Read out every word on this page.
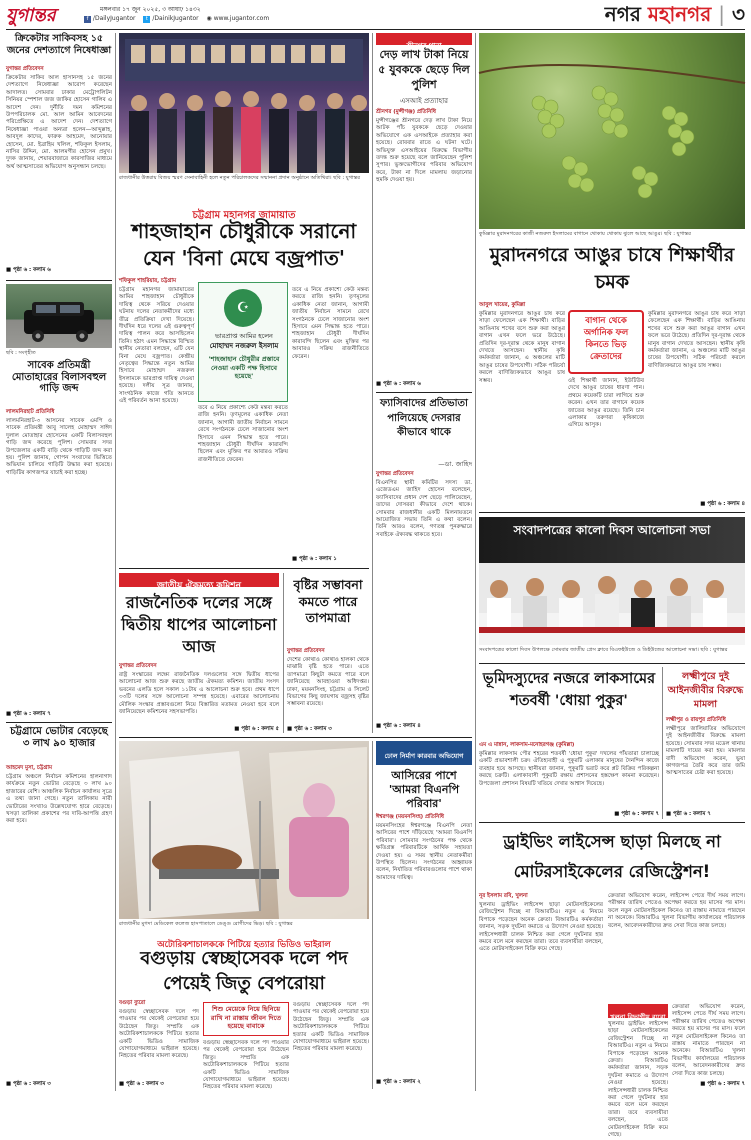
যুগান্তর	মঙ্গলবার ১৭ জুন ২০২৫, ৩ আষাঢ় ১৪৩২
f /DailyJugantor t /DainikJugantor ◉ www.jugantor.com	নগর মহানগর | ৩
ক্রিকেটার সাকিবসহ ১৫ জনের দেশত্যাগে নিষেধাজ্ঞা
যুগান্তর প্রতিবেদন
ক্রিকেটার সাকিব আল হাসানসহ ১৫ জনের দেশত্যাগে নিষেধাজ্ঞা আরোপ করেছেন আদালত। সোমবার ঢাকার মেট্রোপলিটন সিনিয়র স্পেশাল জজ জাকির হোসেন গালিব এ আদেশ দেন। দুর্নীতি দমন কমিশনের উপপরিচালক মো. আল আমিন আবেদনের পরিপ্রেক্ষিতে এ আদেশ দেন। দেশত্যাগে নিষেধাজ্ঞা পাওয়া অন্যরা হলেন—আব্দুল্লাহ, আবদুল কাদের, ফারুক আহমেদ, আনোয়ার হোসেন, মো. ইব্রাহিম খলিল, শফিকুল ইসলাম, নাসির উদ্দিন, মো. আলমগীর হোসেন প্রমুখ। দুদক জানায়, শেয়ারবাজারে কারসাজির মাধ্যমে অর্থ আত্মসাতের অভিযোগ অনুসন্ধান চলছে।
■ পৃষ্ঠা ৬ : কলাম ৬
ছবি : সংগৃহীত
সাবেক প্রতিমন্ত্রী মোতাহারের বিলাসবহুল গাড়ি জব্দ
লালমনিরহাট প্রতিনিধি
লালমনিরহাট-৩ আসনের সাবেক এমপি ও সাবেক প্রতিমন্ত্রী আবু সালেহ মোহাম্মদ সাঈদ দুলাল মোতাহার হোসেনের একটি বিলাসবহুল গাড়ি জব্দ করেছে পুলিশ। সোমবার সদর উপজেলার একটি বাড়ি থেকে গাড়িটি জব্দ করা হয়। পুলিশ জানায়, গোপন সংবাদের ভিত্তিতে অভিযান চালিয়ে গাড়িটি উদ্ধার করা হয়েছে। গাড়িটির কাগজপত্র যাচাই করা হচ্ছে।
■ পৃষ্ঠা ৬ : কলাম ৭
চট্টগ্রামে ভোটার বেড়েছে ৩ লাখ ৯০ হাজার
আহমেদ মুসা, চট্টগ্রাম
চট্টগ্রাম অঞ্চলে নির্বাচন কমিশনের হালনাগাদ কার্যক্রমে নতুন ভোটার বেড়েছে ৩ লাখ ৯০ হাজারের বেশি। আঞ্চলিক নির্বাচন কার্যালয় সূত্রে এ তথ্য জানা গেছে। নতুন তালিকায় নারী ভোটারের সংখ্যাও উল্লেখযোগ্য হারে বেড়েছে। খসড়া তালিকা প্রকাশের পর দাবি-আপত্তি গ্রহণ করা হবে।
■ পৃষ্ঠা ৬ : কলাম ৩
রাজধানীর উত্তরায় বিজয় স্মরণ সেনাবাহিনী হলে নতুন পরিচালকদের সম্মাননা প্রদান অনুষ্ঠানে অতিথিরা। ছবি : যুগান্তর
চট্টগ্রাম মহানগর জামায়াত
শাহজাহান চৌধুরীকে সরানো যেন 'বিনা মেঘে বজ্রপাত'
শফিকুল শাহরিয়ার, চট্টগ্রাম
চট্টগ্রাম মহানগর জামায়াতের আমির শাহজাহান চৌধুরীকে দায়িত্ব থেকে সরিয়ে দেওয়ার ঘটনায় দলের নেতাকর্মীদের মধ্যে তীব্র প্রতিক্রিয়া দেখা দিয়েছে। দীর্ঘদিন ধরে দলের এই গুরুত্বপূর্ণ দায়িত্ব পালন করে আসছিলেন তিনি। হঠাৎ এমন সিদ্ধান্তে বিস্মিত স্থানীয় নেতারা বলছেন, এটি যেন বিনা মেঘে বজ্রপাত। কেন্দ্রীয় নেতৃত্বের সিদ্ধান্তে নতুন আমির হিসাবে মোহাম্মদ নজরুল ইসলামকে ভারপ্রাপ্ত দায়িত্ব দেওয়া হয়েছে। দলীয় সূত্র জানায়, সাংগঠনিক কাজে গতি আনতে এই পরিবর্তন আনা হয়েছে।
☪
ভারপ্রাপ্ত আমির হলেন
মোহাম্মদ নজরুল ইসলাম
'শাহজাহান চৌধুরীর প্রস্তাবে নেওয়া একটি পক্ষ হিসাবে হয়েছে'
তবে এ নিয়ে প্রকাশ্যে কেউ মন্তব্য করতে রাজি হননি। তৃণমূলের একাধিক নেতা জানান, আগামী জাতীয় নির্বাচন সামনে রেখে সংগঠনকে ঢেলে সাজানোর অংশ হিসাবে এমন সিদ্ধান্ত হতে পারে। শাহজাহান চৌধুরী দীর্ঘদিন কারাবন্দি ছিলেন এবং মুক্তির পর আবারও সক্রিয় রাজনীতিতে ফেরেন।
তবে এ নিয়ে প্রকাশ্যে কেউ মন্তব্য করতে রাজি হননি। তৃণমূলের একাধিক নেতা জানান, আগামী জাতীয় নির্বাচন সামনে রেখে সংগঠনকে ঢেলে সাজানোর অংশ হিসাবে এমন সিদ্ধান্ত হতে পারে। শাহজাহান চৌধুরী দীর্ঘদিন কারাবন্দি ছিলেন এবং মুক্তির পর আবারও সক্রিয় রাজনীতিতে ফেরেন।
■ পৃষ্ঠা ৬ : কলাম ১
জাতীয় ঐকমত্য কমিশন
রাজনৈতিক দলের সঙ্গে দ্বিতীয় ধাপের আলোচনা আজ
যুগান্তর প্রতিবেদন
রাষ্ট্র সংস্কারের লক্ষ্যে রাজনৈতিক দলগুলোর সঙ্গে দ্বিতীয় ধাপের আলোচনা আজ শুরু করছে জাতীয় ঐকমত্য কমিশন। জাতীয় সংসদ ভবনের এলডি হলে সকাল ১১টায় এ আলোচনা শুরু হবে। প্রথম ধাপে ৩৩টি দলের সঙ্গে আলোচনা সম্পন্ন হয়েছে। এবারের আলোচনায় মৌলিক সংস্কার প্রস্তাবগুলো নিয়ে বিস্তারিত মতামত নেওয়া হবে বলে জানিয়েছেন কমিশনের সহসভাপতি।
■ পৃষ্ঠা ৬ : কলাম ৫
বৃষ্টির সম্ভাবনা কমতে পারে তাপমাত্রা
যুগান্তর প্রতিবেদন
দেশের কোথাও কোথাও হালকা থেকে মাঝারি বৃষ্টি হতে পারে। এতে তাপমাত্রা কিছুটা কমতে পারে বলে জানিয়েছে আবহাওয়া অধিদপ্তর। ঢাকা, ময়মনসিংহ, চট্টগ্রাম ও সিলেট বিভাগের কিছু জায়গায় বজ্রসহ বৃষ্টির সম্ভাবনা রয়েছে।
■ পৃষ্ঠা ৬ : কলাম ৩
শ্রীনগর থানা
দেড় লাখ টাকা নিয়ে ৫ যুবককে ছেড়ে দিল পুলিশ
এসআই প্রত্যাহার
শ্রীনগর (মুন্সীগঞ্জ) প্রতিনিধি
মুন্সীগঞ্জের শ্রীনগরে দেড় লাখ টাকা নিয়ে আটক পাঁচ যুবককে ছেড়ে দেওয়ার অভিযোগে এক এসআইকে প্রত্যাহার করা হয়েছে। রোববার রাতে এ ঘটনা ঘটে। অভিযুক্ত এসআইয়ের বিরুদ্ধে বিভাগীয় তদন্ত শুরু হয়েছে বলে জানিয়েছেন পুলিশ সুপার। ভুক্তভোগীদের পরিবার অভিযোগ করে, টাকা না দিলে মামলায় জড়ানোর হুমকি দেওয়া হয়।
■ পৃষ্ঠা ৬ : কলাম ৬
ফ্যাসিবাদের প্রতিভাতা পালিয়েছে দেসরার কীভাবে থাকে
—ডা. জাহিদ
যুগান্তর প্রতিবেদন
বিএনপির স্থায়ী কমিটির সদস্য ডা. এজেডএম জাহিদ হোসেন বলেছেন, ফ্যাসিবাদের প্রধান দেশ ছেড়ে পালিয়েছেন, তাদের দোসররা কীভাবে দেশে থাকে। সোমবার রাজধানীর একটি মিলনায়তনে আয়োজিত সভায় তিনি এ কথা বলেন। তিনি আরও বলেন, গণতন্ত্র পুনরুদ্ধারে সবাইকে ঐক্যবদ্ধ থাকতে হবে।
■ পৃষ্ঠা ৬ : কলাম ৪
রাজধানীর মুগদা মেডিকেল কলেজ হাসপাতালে ডেঙ্গু রোগীদের ভিড়। ছবি : যুগান্তর
অটোরিকশাচালককে পিটিয়ে হত্যার ভিডিও ভাইরাল
বগুড়ায় স্বেচ্ছাসেবক দলে পদ পেয়েই জিতু বেপরোয়া
বগুড়া ব্যুরো
বগুড়ায় স্বেচ্ছাসেবক দলে পদ পাওয়ার পর থেকেই বেপরোয়া হয়ে উঠেছেন জিতু। সম্প্রতি এক অটোরিকশাচালককে পিটিয়ে হত্যার একটি ভিডিও সামাজিক যোগাযোগমাধ্যমে ভাইরাল হয়েছে। নিহতের পরিবার মামলা করেছে।
শিশু মেয়েকে নিয়ে ছিনিয়ে রাখি না রাস্তায় জীবন দিতে হয়েছে বাবাকে
বগুড়ায় স্বেচ্ছাসেবক দলে পদ পাওয়ার পর থেকেই বেপরোয়া হয়ে উঠেছেন জিতু। সম্প্রতি এক অটোরিকশাচালককে পিটিয়ে হত্যার একটি ভিডিও সামাজিক যোগাযোগমাধ্যমে ভাইরাল হয়েছে। নিহতের পরিবার মামলা করেছে।
বগুড়ায় স্বেচ্ছাসেবক দলে পদ পাওয়ার পর থেকেই বেপরোয়া হয়ে উঠেছেন জিতু। সম্প্রতি এক অটোরিকশাচালককে পিটিয়ে হত্যার একটি ভিডিও সামাজিক যোগাযোগমাধ্যমে ভাইরাল হয়েছে। নিহতের পরিবার মামলা করেছে।
■ পৃষ্ঠা ৬ : কলাম ৩
ঢোল নির্মাণ কারবার অভিযোগ
আসিরের পাশে 'আমরা বিএনপি পরিবার'
ঈশ্বরগঞ্জ (ময়মনসিংহ) প্রতিনিধি
ময়মনসিংহের ঈশ্বরগঞ্জে বিএনপি নেতা আসিরের পাশে দাঁড়িয়েছে 'আমরা বিএনপি পরিবার'। সোমবার সংগঠনের পক্ষ থেকে ক্ষতিগ্রস্ত পরিবারটিকে আর্থিক সহায়তা দেওয়া হয়। এ সময় স্থানীয় নেতাকর্মীরা উপস্থিত ছিলেন। সংগঠনের আহ্বায়ক বলেন, নির্যাতিত পরিবারগুলোর পাশে থাকা আমাদের দায়িত্ব।
■ পৃষ্ঠা ৬ : কলাম ২
কুমিল্লার মুরাদনগরের কাজী নজরুল ইসলামের বাগানে থোকায় থোকায় ঝুলে আছে আঙুর। ছবি : যুগান্তর
মুরাদনগরে আঙুর চাষে শিক্ষার্থীর চমক
আবুল খায়ের, কুমিল্লা
কুমিল্লার মুরাদনগরে আঙুর চাষ করে সাড়া ফেলেছেন এক শিক্ষার্থী। বাড়ির আঙিনায় শখের বসে শুরু করা আঙুর বাগান এখন ফলে ভরে উঠেছে। প্রতিদিন দূর-দূরান্ত থেকে মানুষ বাগান দেখতে আসছেন। স্থানীয় কৃষি কর্মকর্তারা জানান, এ অঞ্চলের মাটি আঙুর চাষের উপযোগী। সঠিক পরিচর্যা করলে বাণিজ্যিকভাবে আঙুর চাষ সম্ভব।
বাগান থেকে অর্গানিক ফল কিনতে ভিড় ক্রেতাদের
ওই শিক্ষার্থী জানান, ইউটিউব দেখে আঙুর চাষের ধারণা পান। প্রথমে কয়েকটি চারা লাগিয়ে শুরু করেন। এখন তার বাগানে কয়েক জাতের আঙুর রয়েছে। তিনি চান এলাকার তরুণরা কৃষিকাজে এগিয়ে আসুক।
কুমিল্লার মুরাদনগরে আঙুর চাষ করে সাড়া ফেলেছেন এক শিক্ষার্থী। বাড়ির আঙিনায় শখের বসে শুরু করা আঙুর বাগান এখন ফলে ভরে উঠেছে। প্রতিদিন দূর-দূরান্ত থেকে মানুষ বাগান দেখতে আসছেন। স্থানীয় কৃষি কর্মকর্তারা জানান, এ অঞ্চলের মাটি আঙুর চাষের উপযোগী। সঠিক পরিচর্যা করলে বাণিজ্যিকভাবে আঙুর চাষ সম্ভব।
■ পৃষ্ঠা ৬ : কলাম ৪
সংবাদপত্রের কালো দিবস আলোচনা সভা
সংবাদপত্রের কালো দিবস উপলক্ষে সোমবার জাতীয় প্রেস ক্লাবে বিএফইউজে ও ডিইউজের আলোচনা সভা। ছবি : যুগান্তর
ভূমিদস্যুদের নজরে লাকসামের শতবর্ষী 'ধোয়া পুকুর'
এম এ মান্নান, লাকসাম-মনোহরগঞ্জ (কুমিল্লা)
কুমিল্লার লাকসাম পৌর শহরের শতবর্ষী 'ধোয়া পুকুর' দখলের পাঁয়তারা চালাচ্ছে একটি প্রভাবশালী চক্র। ঐতিহ্যবাহী এ পুকুরটি এলাকার মানুষের দৈনন্দিন কাজে ব্যবহার হয়ে আসছে। স্থানীয়রা জানান, পুকুরটি ভরাট করে প্লট বিক্রির পরিকল্পনা করছে চক্রটি। এলাকাবাসী পুকুরটি রক্ষায় প্রশাসনের হস্তক্ষেপ কামনা করেছেন। উপজেলা প্রশাসন বিষয়টি খতিয়ে দেখার আশ্বাস দিয়েছে।
■ পৃষ্ঠা ৬ : কলাম ৭
লক্ষ্মীপুরে দুই আইনজীবীর বিরুদ্ধে মামলা
লক্ষ্মীপুর ও রায়পুর প্রতিনিধি
লক্ষ্মীপুরে জালিয়াতির অভিযোগে দুই আইনজীবীর বিরুদ্ধে মামলা হয়েছে। সোমবার সদর মডেল থানায় মামলাটি দায়ের করা হয়। মামলার বাদী অভিযোগ করেন, ভুয়া কাগজপত্র তৈরি করে তার জমি আত্মসাতের চেষ্টা করা হয়েছে।
■ পৃষ্ঠা ৬ : কলাম ৭
ড্রাইভিং লাইসেন্স ছাড়া মিলছে না মোটরসাইকেলের রেজিস্ট্রেশন!
নূর ইসলাম রবি, খুলনা
খুলনায় ড্রাইভিং লাইসেন্স ছাড়া মোটরসাইকেলের রেজিস্ট্রেশন দিচ্ছে না বিআরটিএ। নতুন এ নিয়মে বিপাকে পড়েছেন অনেক ক্রেতা। বিআরটিএ কর্মকর্তারা জানান, সড়ক দুর্ঘটনা কমাতে এ উদ্যোগ নেওয়া হয়েছে। লাইসেন্সধারী চালক নিশ্চিত করা গেলে দুর্ঘটনার হার কমবে বলে মনে করছেন তারা। তবে ব্যবসায়ীরা বলছেন, এতে মোটরসাইকেল বিক্রি কমে গেছে।
খুলনা বিভাগীয় ব্যুরো
ক্রেতারা অভিযোগ করেন, লাইসেন্স পেতে দীর্ঘ সময় লাগে। পরীক্ষার তারিখ পেতেও অপেক্ষা করতে হয় মাসের পর মাস। ফলে নতুন মোটরসাইকেল কিনেও তা রাস্তায় নামাতে পারছেন না অনেকে। বিআরটিএ খুলনা বিভাগীয় কার্যালয়ের পরিচালক বলেন, আবেদনকারীদের দ্রুত সেবা দিতে কাজ চলছে।
ক্রেতারা অভিযোগ করেন, লাইসেন্স পেতে দীর্ঘ সময় লাগে। পরীক্ষার তারিখ পেতেও অপেক্ষা করতে হয় মাসের পর মাস। ফলে নতুন মোটরসাইকেল কিনেও তা রাস্তায় নামাতে পারছেন না অনেকে। বিআরটিএ খুলনা বিভাগীয় কার্যালয়ের পরিচালক বলেন, আবেদনকারীদের দ্রুত সেবা দিতে কাজ চলছে।
খুলনায় ড্রাইভিং লাইসেন্স ছাড়া মোটরসাইকেলের রেজিস্ট্রেশন দিচ্ছে না বিআরটিএ। নতুন এ নিয়মে বিপাকে পড়েছেন অনেক ক্রেতা। বিআরটিএ কর্মকর্তারা জানান, সড়ক দুর্ঘটনা কমাতে এ উদ্যোগ নেওয়া হয়েছে। লাইসেন্সধারী চালক নিশ্চিত করা গেলে দুর্ঘটনার হার কমবে বলে মনে করছেন তারা। তবে ব্যবসায়ীরা বলছেন, এতে মোটরসাইকেল বিক্রি কমে গেছে।
■ পৃষ্ঠা ৬ : কলাম ৭
